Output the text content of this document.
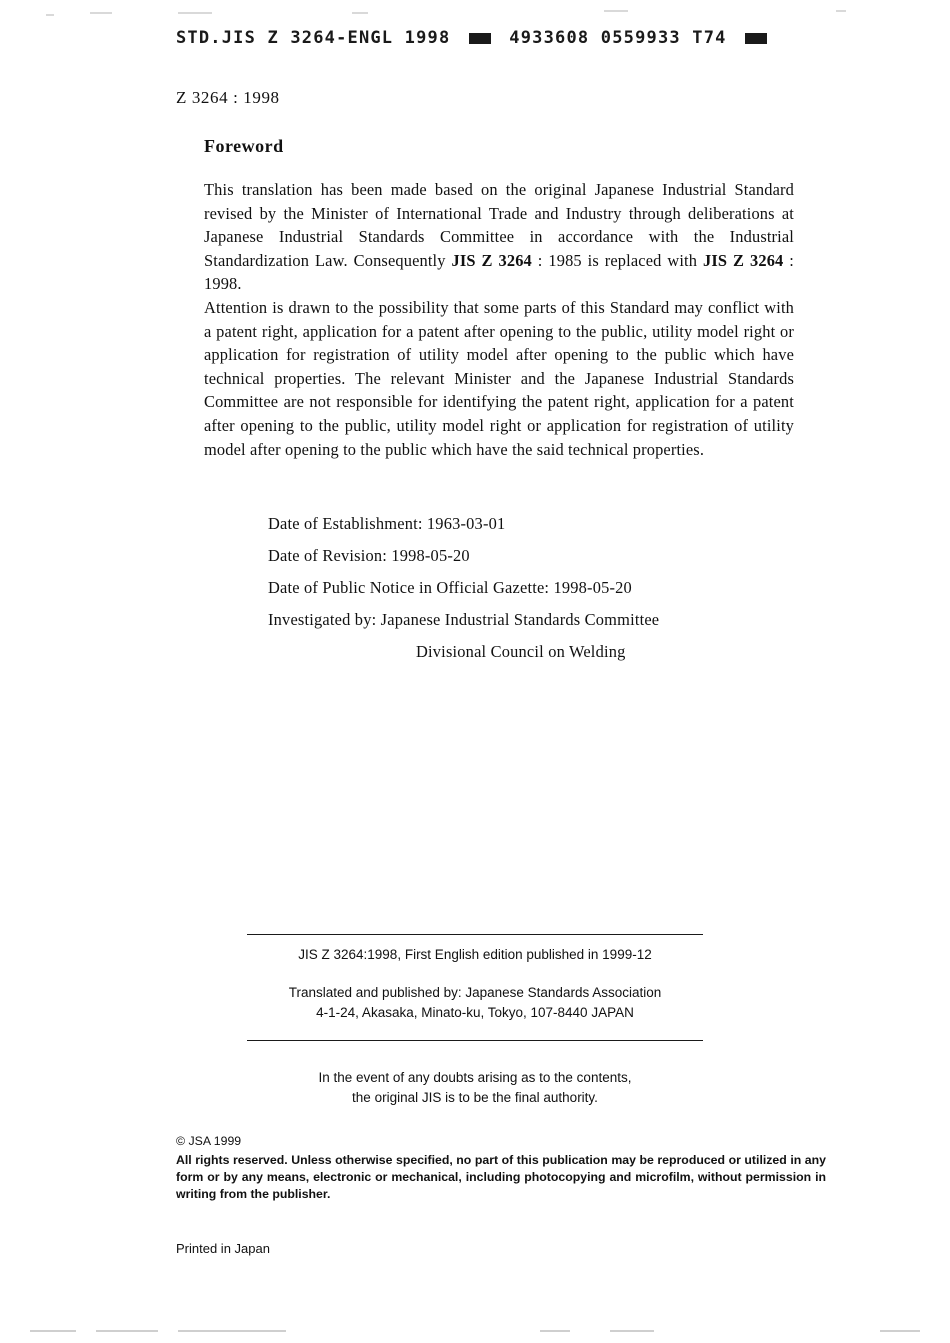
STD.JIS Z 3264-ENGL 1998	4933608 0559933 T74
Z 3264 : 1998
Foreword

This translation has been made based on the original Japanese Industrial Standard revised by the Minister of International Trade and Industry through deliberations at Japanese Industrial Standards Committee in accordance with the Industrial Standardization Law. Consequently JIS Z 3264 : 1985 is replaced with JIS Z 3264 : 1998.

Attention is drawn to the possibility that some parts of this Standard may conflict with a patent right, application for a patent after opening to the public, utility model right or application for registration of utility model after opening to the public which have technical properties. The relevant Minister and the Japanese Industrial Standards Committee are not responsible for identifying the patent right, application for a patent after opening to the public, utility model right or application for registration of utility model after opening to the public which have the said technical properties.

Date of Establishment: 1963-03-01
Date of Revision: 1998-05-20
Date of Public Notice in Official Gazette: 1998-05-20
Investigated by: Japanese Industrial Standards Committee
Divisional Council on Welding
JIS Z 3264:1998, First English edition published in 1999-12
Translated and published by: Japanese Standards Association
4-1-24, Akasaka, Minato-ku, Tokyo, 107-8440 JAPAN
In the event of any doubts arising as to the contents,
the original JIS is to be the final authority.
© JSA 1999
All rights reserved. Unless otherwise specified, no part of this publication may be reproduced or utilized in any form or by any means, electronic or mechanical, including photocopying and microfilm, without permission in writing from the publisher.
Printed in Japan
